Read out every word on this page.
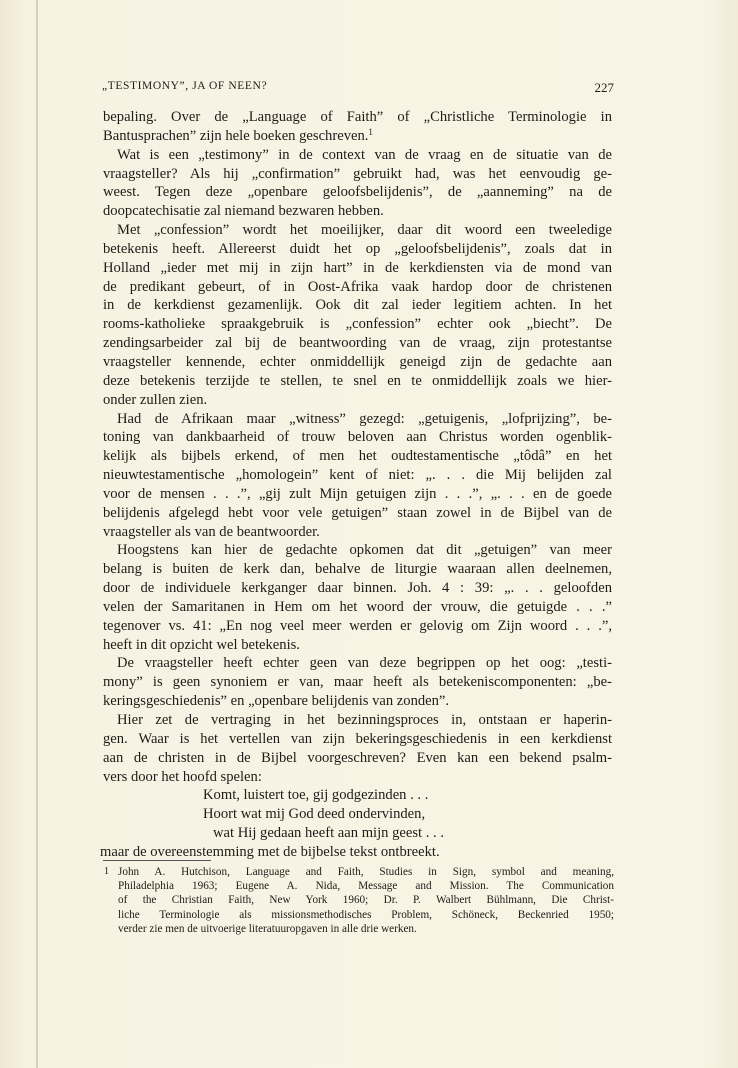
„TESTIMONY”, JA OF NEEN?	227
bepaling. Over de „Language of Faith” of „Christliche Terminologie in
Bantusprachen” zijn hele boeken geschreven.$^1$
Wat is een „testimony” in de context van de vraag en de situatie van de
vraagsteller? Als hij „confirmation” gebruikt had, was het eenvoudig ge-
weest. Tegen deze „openbare geloofsbelijdenis”, de „aanneming” na de
doopcatechisatie zal niemand bezwaren hebben.
Met „confession” wordt het moeilijker, daar dit woord een tweeledige
betekenis heeft. Allereerst duidt het op „geloofsbelijdenis”, zoals dat in
Holland „ieder met mij in zijn hart” in de kerkdiensten via de mond van
de predikant gebeurt, of in Oost-Afrika vaak hardop door de christenen
in de kerkdienst gezamenlijk. Ook dit zal ieder legitiem achten. In het
rooms-katholieke spraakgebruik is „confession” echter ook „biecht”. De
zendingsarbeider zal bij de beantwoording van de vraag, zijn protestantse
vraagsteller kennende, echter onmiddellijk geneigd zijn de gedachte aan
deze betekenis terzijde te stellen, te snel en te onmiddellijk zoals we hier-
onder zullen zien.
Had de Afrikaan maar „witness” gezegd: „getuigenis, „lofprijzing”, be-
toning van dankbaarheid of trouw beloven aan Christus worden ogenblik-
kelijk als bijbels erkend, of men het oudtestamentische „tôdâ” en het
nieuwtestamentische „homologein” kent of niet: „. . . die Mij belijden zal
voor de mensen . . .”, „gij zult Mijn getuigen zijn . . .”, „. . . en de goede
belijdenis afgelegd hebt voor vele getuigen” staan zowel in de Bijbel van de
vraagsteller als van de beantwoorder.
Hoogstens kan hier de gedachte opkomen dat dit „getuigen” van meer
belang is buiten de kerk dan, behalve de liturgie waaraan allen deelnemen,
door de individuele kerkganger daar binnen. Joh. 4 : 39: „. . . geloofden
velen der Samaritanen in Hem om het woord der vrouw, die getuigde . . .”
tegenover vs. 41: „En nog veel meer werden er gelovig om Zijn woord . . .”,
heeft in dit opzicht wel betekenis.
De vraagsteller heeft echter geen van deze begrippen op het oog: „testi-
mony” is geen synoniem er van, maar heeft als betekeniscomponenten: „be-
keringsgeschiedenis” en „openbare belijdenis van zonden”.
Hier zet de vertraging in het bezinningsproces in, ontstaan er haperin-
gen. Waar is het vertellen van zijn bekeringsgeschiedenis in een kerkdienst
aan de christen in de Bijbel voorgeschreven? Even kan een bekend psalm-
vers door het hoofd spelen:
Komt, luistert toe, gij godgezinden . . .
Hoort wat mij God deed ondervinden,
wat Hij gedaan heeft aan mijn geest . . .
maar de overeenstemming met de bijbelse tekst ontbreekt.
1 John A. Hutchison, Language and Faith, Studies in Sign, symbol and meaning,
Philadelphia 1963; Eugene A. Nida, Message and Mission. The Communication
of the Christian Faith, New York 1960; Dr. P. Walbert Bühlmann, Die Christ-
liche Terminologie als missionsmethodisches Problem, Schöneck, Beckenried 1950;
verder zie men de uitvoerige literatuuropgaven in alle drie werken.
